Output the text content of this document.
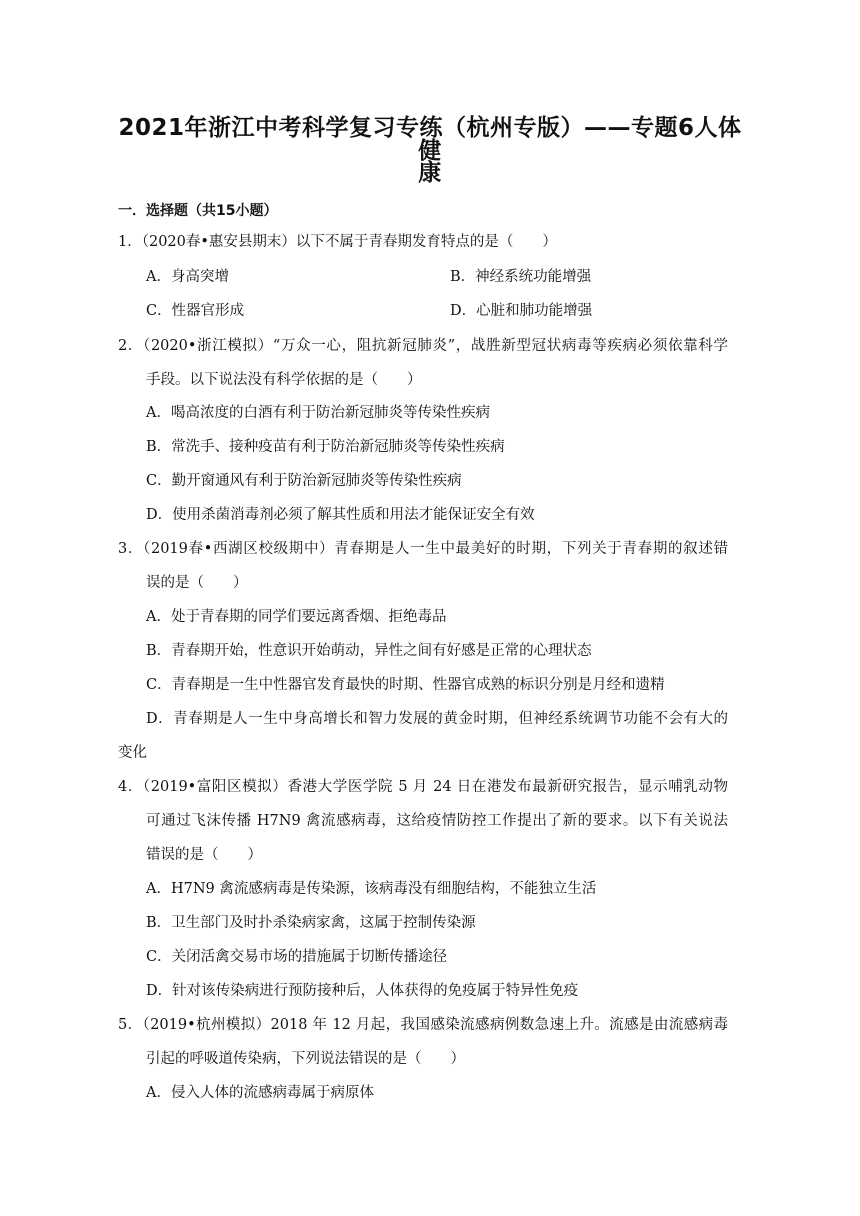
2021年浙江中考科学复习专练（杭州专版）——专题6人体健
康
一．选择题（共15小题）
1．（2020春•惠安县期末）以下不属于青春期发育特点的是（　　）
A．身高突增	B．神经系统功能增强
C．性器官形成	D．心脏和肺功能增强
2．（2020•浙江模拟）“万众一心，阻抗新冠肺炎”，战胜新型冠状病毒等疾病必须依靠科学
手段。以下说法没有科学依据的是（　　）
A．喝高浓度的白酒有利于防治新冠肺炎等传染性疾病
B．常洗手、接种疫苗有利于防治新冠肺炎等传染性疾病
C．勤开窗通风有利于防治新冠肺炎等传染性疾病
D．使用杀菌消毒剂必须了解其性质和用法才能保证安全有效
3．（2019春•西湖区校级期中）青春期是人一生中最美好的时期，下列关于青春期的叙述错
误的是（　　）
A．处于青春期的同学们要远离香烟、拒绝毒品
B．青春期开始，性意识开始萌动，异性之间有好感是正常的心理状态
C．青春期是一生中性器官发育最快的时期、性器官成熟的标识分别是月经和遗精
D．青春期是人一生中身高增长和智力发展的黄金时期，但神经系统调节功能不会有大的
变化
4．（2019•富阳区模拟）香港大学医学院 5 月 24 日在港发布最新研究报告，显示哺乳动物
可通过飞沫传播 H7N9 禽流感病毒，这给疫情防控工作提出了新的要求。以下有关说法
错误的是（　　）
A．H7N9 禽流感病毒是传染源，该病毒没有细胞结构，不能独立生活
B．卫生部门及时扑杀染病家禽，这属于控制传染源
C．关闭活禽交易市场的措施属于切断传播途径
D．针对该传染病进行预防接种后，人体获得的免疫属于特异性免疫
5．（2019•杭州模拟）2018 年 12 月起，我国感染流感病例数急速上升。流感是由流感病毒
引起的呼吸道传染病，下列说法错误的是（　　）
A．侵入人体的流感病毒属于病原体
